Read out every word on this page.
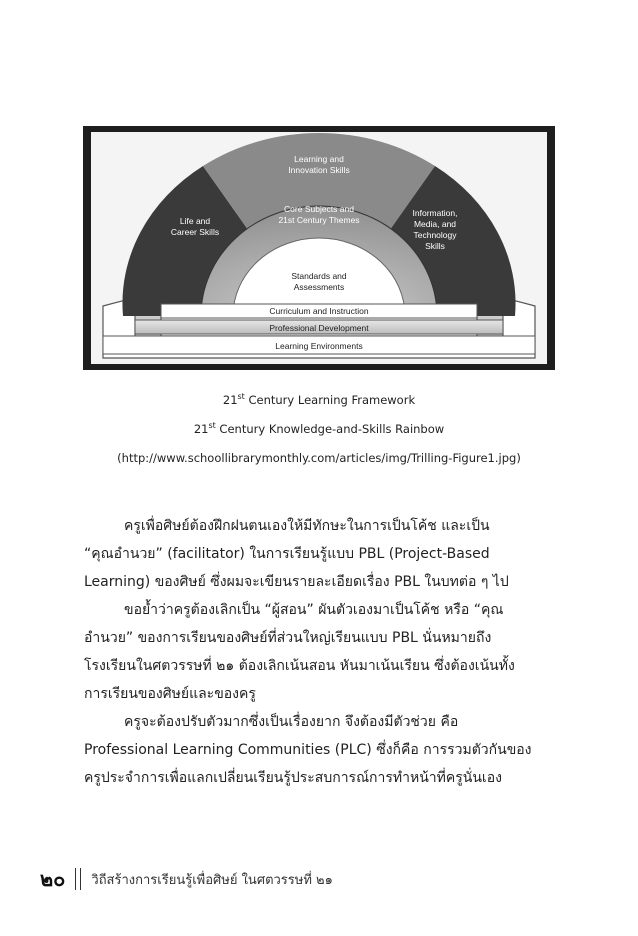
Learning and
Innovation Skills
Life and
Career Skills
Information,
Media, and
Technology
Skills
Core Subjects and
21st Century Themes
Standards and
Assessments
Curriculum and Instruction
Professional Development
Learning Environments
21st Century Learning Framework
21st Century Knowledge-and-Skills Rainbow
(http://www.schoollibrarymonthly.com/articles/img/Trilling-Figure1.jpg)
ครูเพื่อศิษย์ต้องฝึกฝนตนเองให้มีทักษะในการเป็นโค้ช และเป็น
“คุณอำนวย” (facilitator) ในการเรียนรู้แบบ PBL (Project-Based
Learning) ของศิษย์ ซึ่งผมจะเขียนรายละเอียดเรื่อง PBL ในบทต่อ ๆ ไป
ขอย้ำว่าครูต้องเลิกเป็น “ผู้สอน” ผันตัวเองมาเป็นโค้ช หรือ “คุณ
อำนวย” ของการเรียนของศิษย์ที่ส่วนใหญ่เรียนแบบ PBL นั่นหมายถึง
โรงเรียนในศตวรรษที่ ๒๑ ต้องเลิกเน้นสอน หันมาเน้นเรียน ซึ่งต้องเน้นทั้ง
การเรียนของศิษย์และของครู
ครูจะต้องปรับตัวมากซึ่งเป็นเรื่องยาก จึงต้องมีตัวช่วย คือ
Professional Learning Communities (PLC) ซึ่งก็คือ การรวมตัวกันของ
ครูประจำการเพื่อแลกเปลี่ยนเรียนรู้ประสบการณ์การทำหน้าที่ครูนั่นเอง
๒๐ วิถีสร้างการเรียนรู้เพื่อศิษย์ ในศตวรรษที่ ๒๑
